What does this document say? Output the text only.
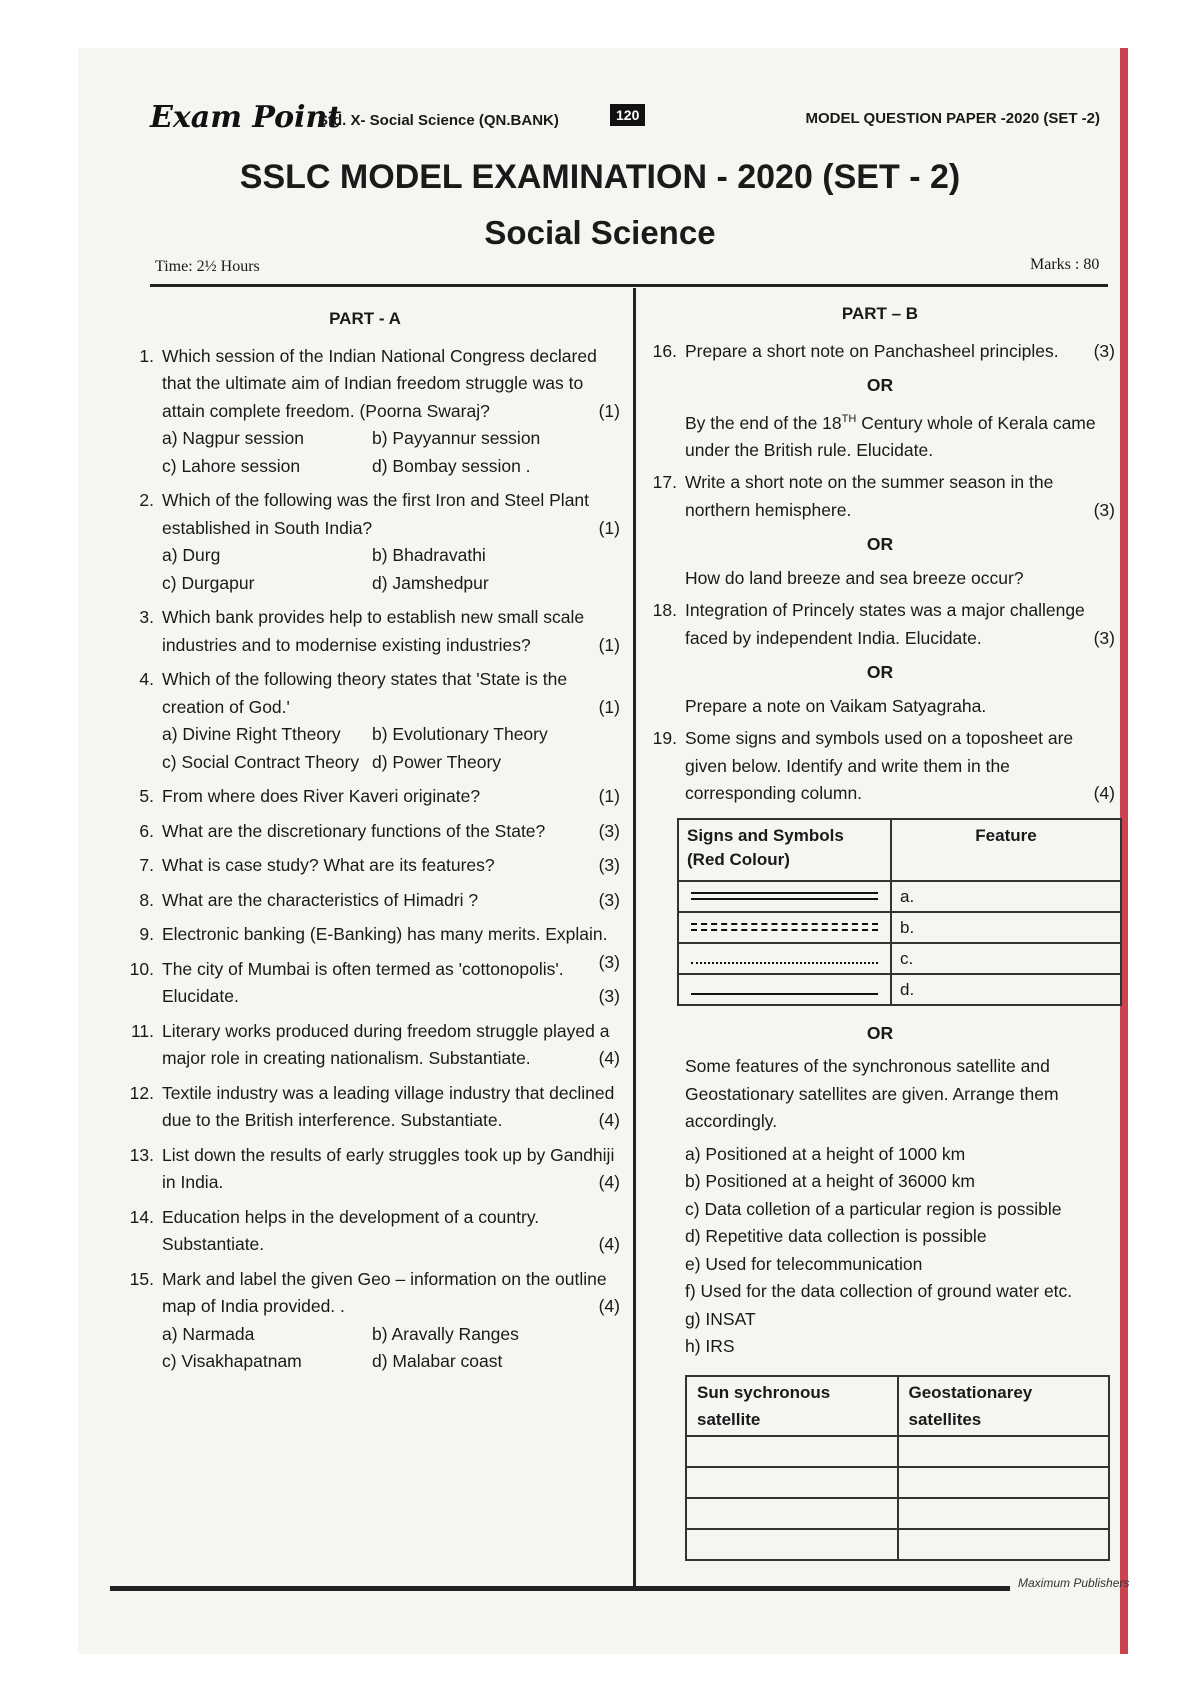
Exam Point
Std. X- Social Science (QN.BANK)	120	MODEL QUESTION PAPER -2020 (SET -2)
SSLC MODEL EXAMINATION - 2020 (SET - 2)
Social Science
Time: 2½ Hours	Marks : 80
PART - A
1. Which session of the Indian National Congress declared that the ultimate aim of Indian freedom struggle was to attain complete freedom. (Poorna Swaraj?	(1)
a) Nagpur session	b) Payyannur session
c) Lahore session	d) Bombay session .
2. Which of the following was the first Iron and Steel Plant established in South India?	(1)
a) Durg	b) Bhadravathi
c) Durgapur	d) Jamshedpur
3. Which bank provides help to establish new small scale industries and to modernise existing industries?	(1)
4. Which of the following theory states that 'State is the creation of God.'	(1)
a) Divine Right Ttheory	b) Evolutionary Theory
c) Social Contract Theory d) Power Theory
5. From where does River Kaveri originate?	(1)
6. What are the discretionary functions of the State?	(3)
7. What is case study? What are its features?	(3)
8. What are the characteristics of Himadri ?	(3)
9. Electronic banking (E-Banking) has many merits. Explain.
(3)
10. The city of Mumbai is often termed as 'cottonopolis'. Elucidate.	(3)
11. Literary works produced during freedom struggle played a major role in creating nationalism. Substantiate.	(4)
12. Textile industry was a leading village industry that declined due to the British interference. Substantiate.	(4)
13. List down the results of early struggles took up by Gandhiji in India.	(4)
14. Education helps in the development of a country. Substantiate.	(4)
15. Mark and label the given Geo – information on the outline map of India provided. .	(4)
a) Narmada	b) Aravally Ranges
c) Visakhapatnam	d) Malabar coast
PART – B
16. Prepare a short note on Panchasheel principles. (3)
OR
By the end of the 18TH Century whole of Kerala came under the British rule. Elucidate.
17. Write a short note on the summer season in the northern hemisphere.	(3)
OR
How do land breeze and sea breeze occur?
18. Integration of Princely states was a major challenge faced by independent India. Elucidate.	(3)
OR
Prepare a note on Vaikam Satyagraha.
19. Some signs and symbols used on a toposheet are given below. Identify and write them in the corresponding column.	(4)
Signs and Symbols (Red Colour)	Feature

	a.

	b.

	c.

	d.
OR
Some features of the synchronous satellite and Geostationary satellites are given. Arrange them accordingly.
a) Positioned at a height of 1000 km
b) Positioned at a height of 36000 km
c) Data colletion of a particular region is possible
d) Repetitive data collection is possible
e) Used for telecommunication
f) Used for the data collection of ground water etc.
g) INSAT
h) IRS
Sun sychronous satellite	Geostationarey satellites

Maximum Publishers
